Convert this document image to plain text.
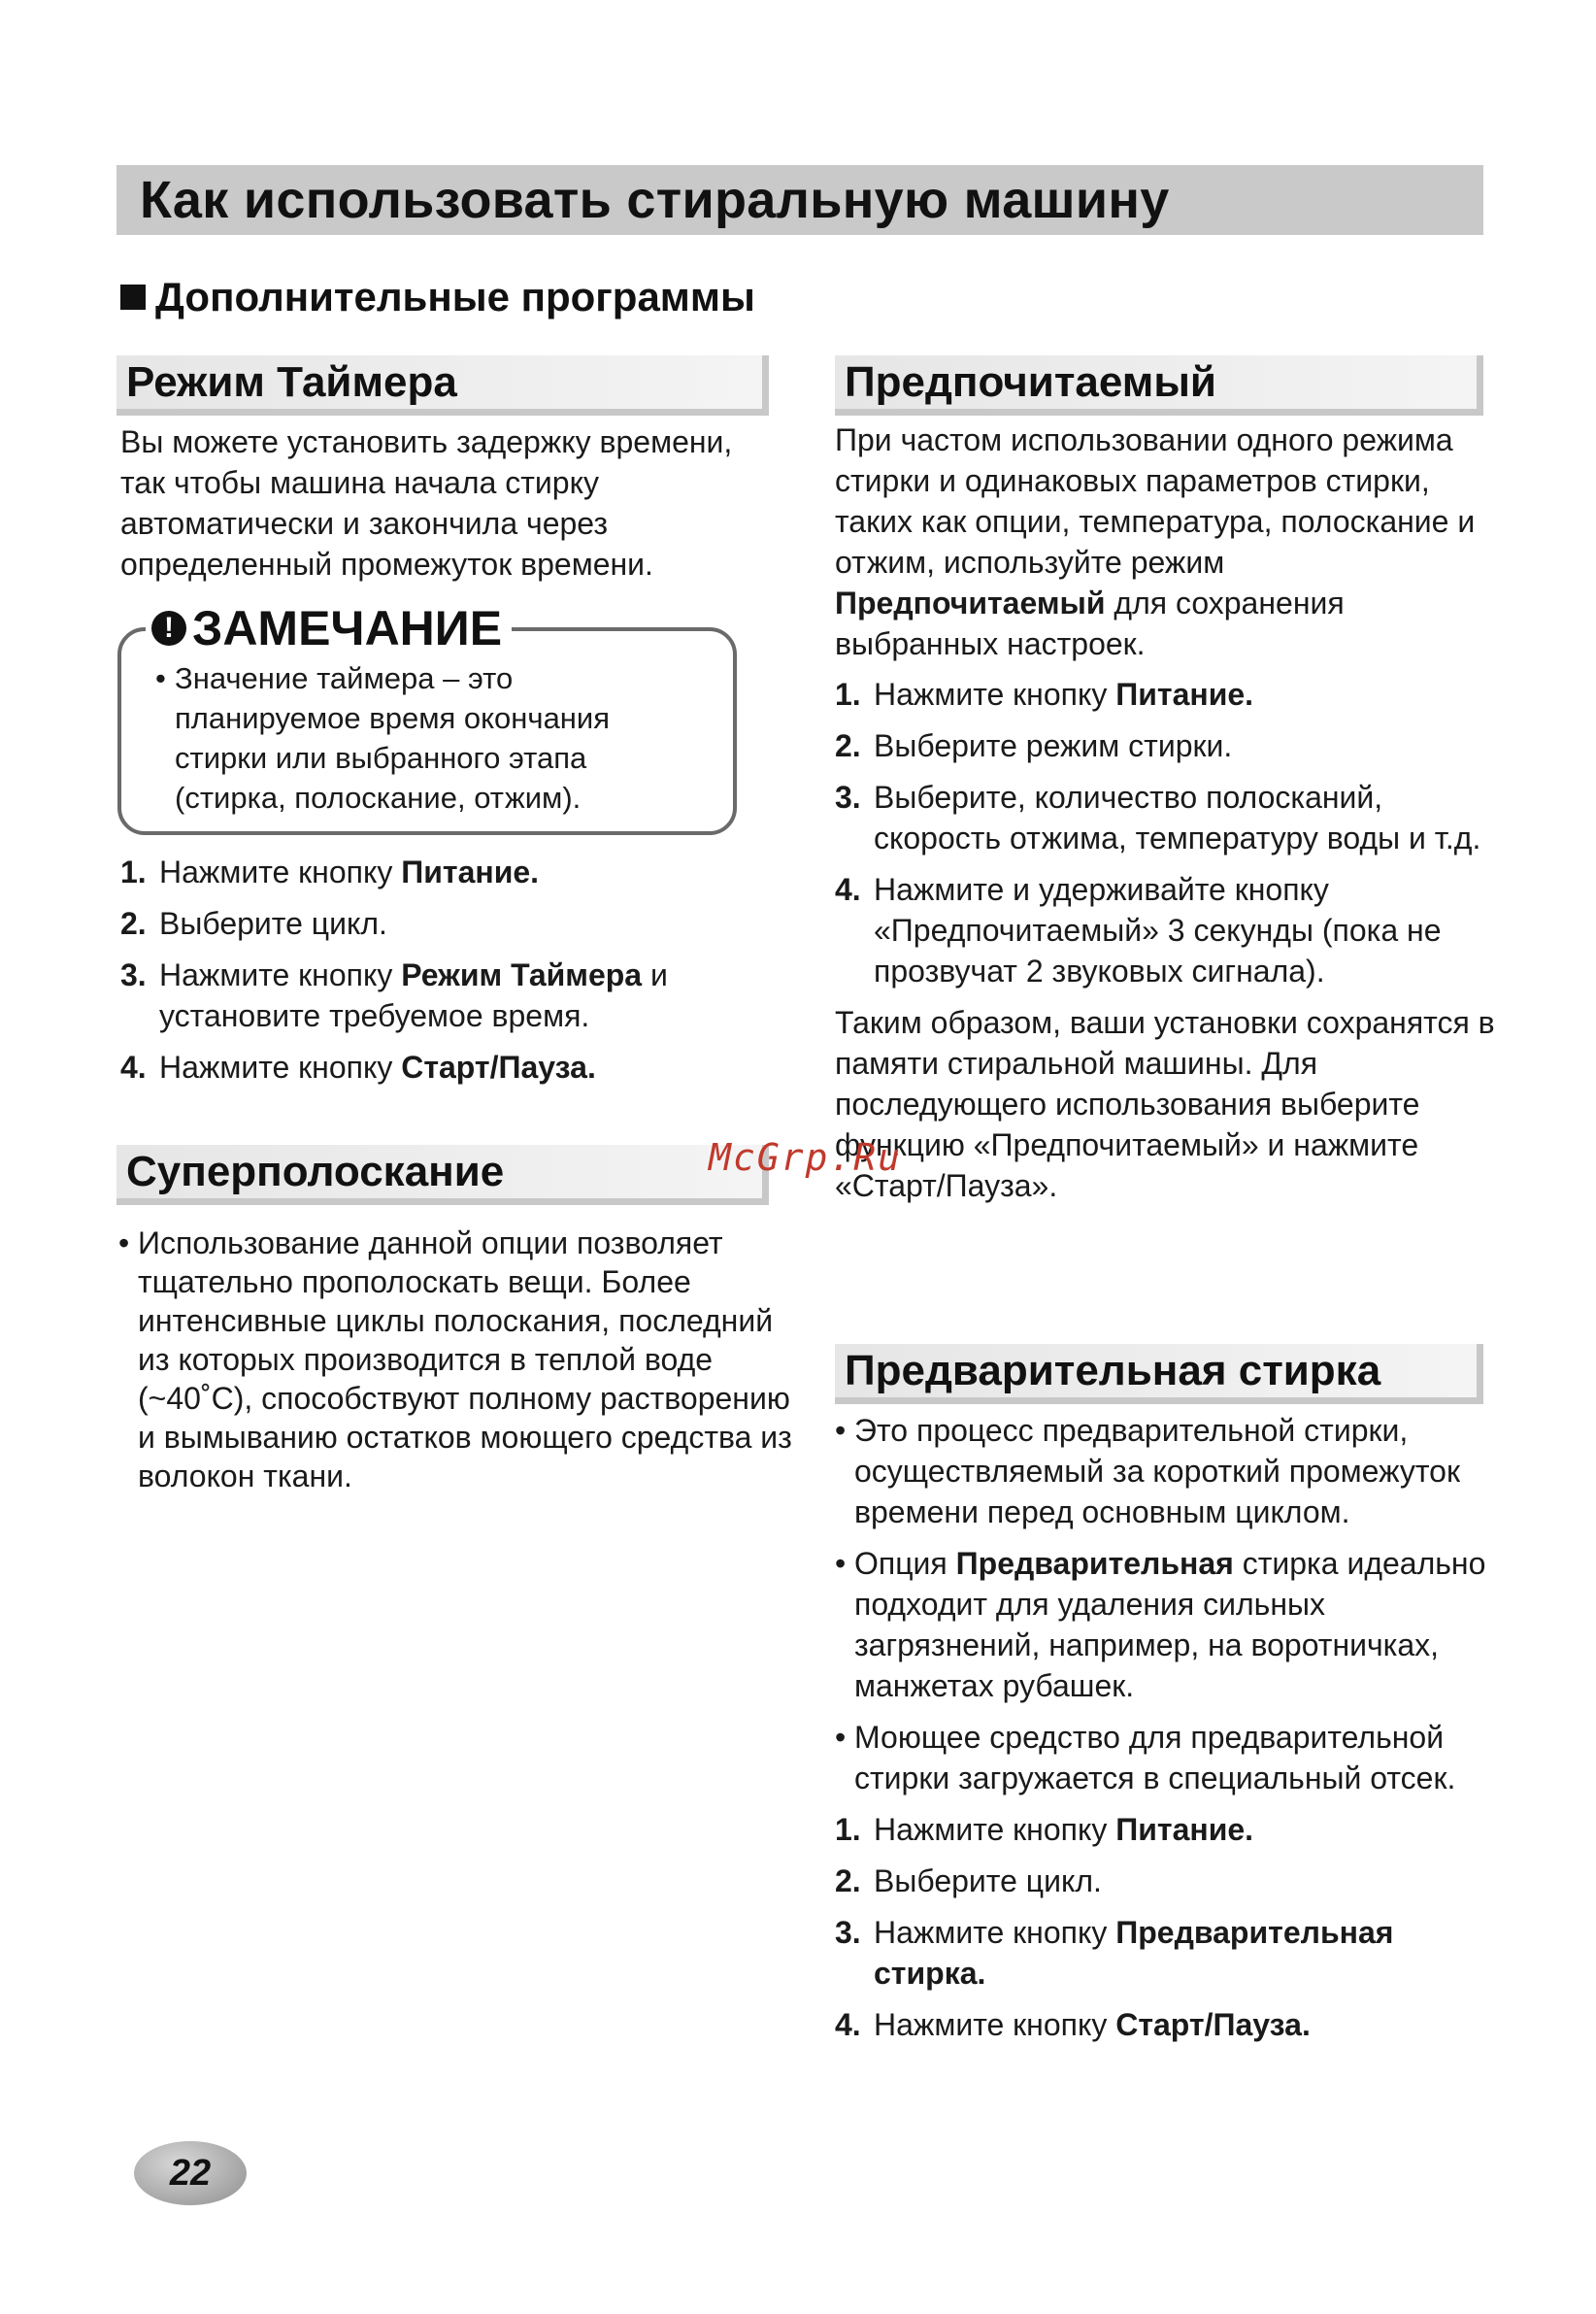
Как использовать стиральную машину
Дополнительные программы
Режим Таймера

Вы можете установить задержку времени, так чтобы машина начала стирку автоматически и закончила через определенный промежуток времени.

! ЗАМЕЧАНИЕ
• Значение таймера – это планируемое время окончания стирки или выбранного этапа (стирка, полоскание, отжим).
1. Нажмите кнопку Питание.
2. Выберите цикл.
3. Нажмите кнопку Режим Таймера и установите требуемое время.
4. Нажмите кнопку Старт/Пауза.
Суперполоскание
• Использование данной опции позволяет тщательно прополоскать вещи. Более интенсивные циклы полоскания, последний из которых производится в теплой воде (~40˚С), способствуют полному растворению и вымыванию остатков моющего средства из волокон ткани.
Предпочитаемый

При частом использовании одного режима стирки и одинаковых параметров стирки, таких как опции, температура, полоскание и отжим, используйте режим Предпочитаемый для сохранения выбранных настроек.

1. Нажмите кнопку Питание.
2. Выберите режим стирки.
3. Выберите, количество полосканий, скорость отжима, температуру воды и т.д.
4. Нажмите и удерживайте кнопку «Предпочитаемый» 3 секунды (пока не прозвучат 2 звуковых сигнала).

Таким образом, ваши установки сохранятся в памяти стиральной машины. Для последующего использования выберите функцию «Предпочитаемый» и нажмите «Старт/Пауза».

Предварительная стирка
• Это процесс предварительной стирки, осуществляемый за короткий промежуток времени перед основным циклом.
• Опция Предварительная стирка идеально подходит для удаления сильных загрязнений, например, на воротничках, манжетах рубашек.
• Моющее средство для предварительной стирки загружается в специальный отсек.
1. Нажмите кнопку Питание.
2. Выберите цикл.
3. Нажмите кнопку Предварительная стирка.
4. Нажмите кнопку Старт/Пауза.
McGrp.Ru
22
